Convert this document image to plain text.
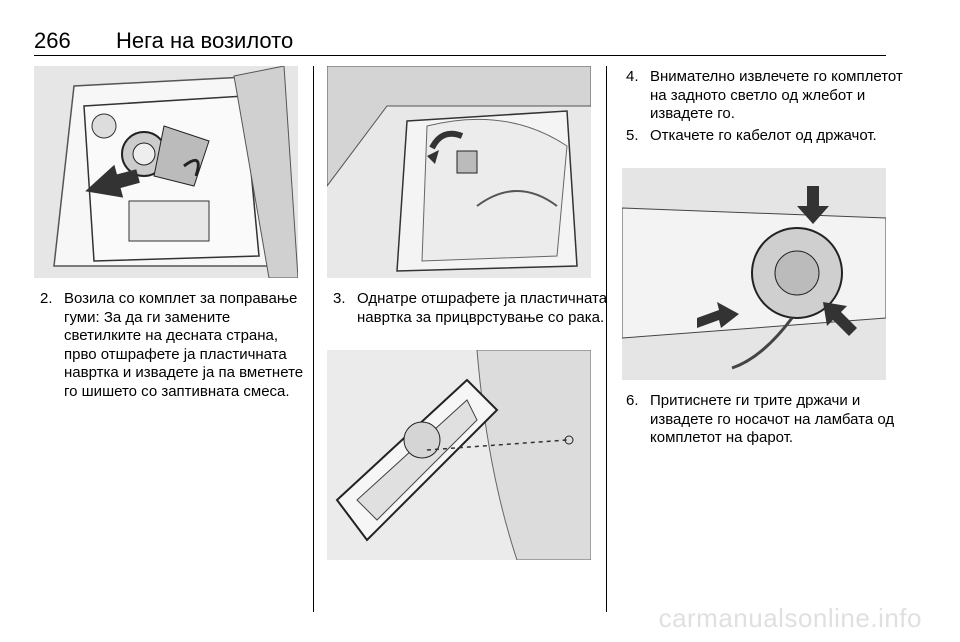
266	Нега на возилото
2. Возила со комплет за поправање гуми: За да ги замените светилките на десната страна, прво отшрафете ја пластичната навртка и извадете ја па вметнете го шишето со заптивната смеса.
3. Однатре отшрафете ја пластичната навртка за прицврстување со рака.
4. Внимателно извлечете го комплетот на задното светло од жлебот и извадете го.
5. Откачете го кабелот од држачот.
6. Притиснете ги трите држачи и извадете го носачот на ламбата од комплетот на фарот.
carmanualsonline.info
